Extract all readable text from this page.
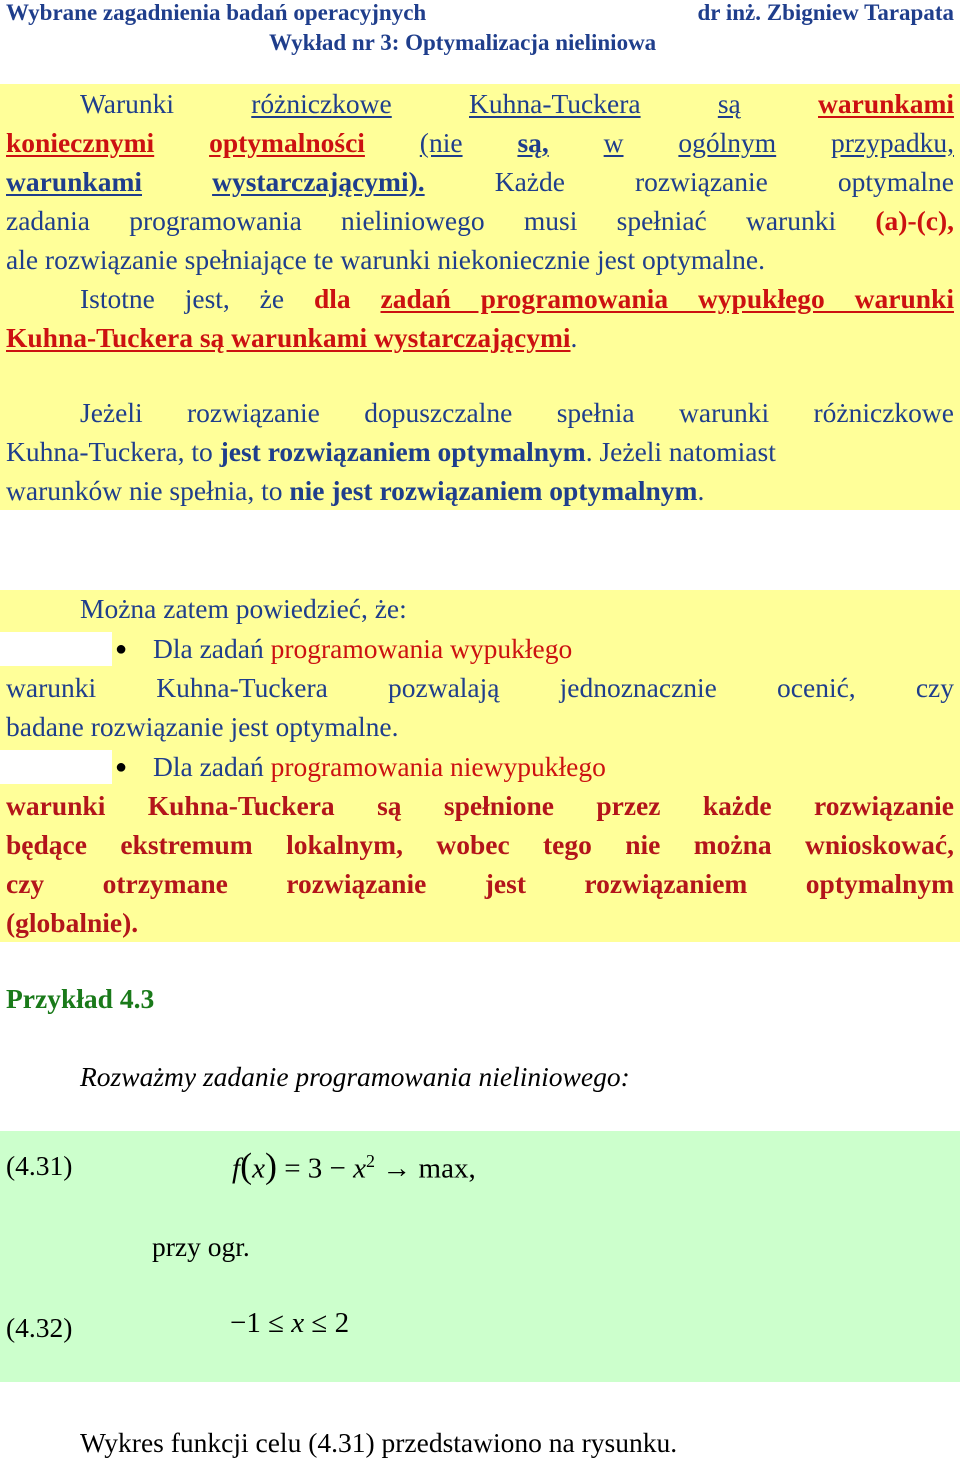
Wybrane zagadnienia badań operacyjnych	dr inż. Zbigniew Tarapata
Wykład nr 3: Optymalizacja nieliniowa
Warunki	różniczkowe	Kuhna-Tuckera	są	warunkami
koniecznymi optymalności (nie są, w ogólnym przypadku,
warunkami	wystarczającymi).	Każde	rozwiązanie	optymalne
zadania programowania nieliniowego musi spełniać warunki (a)-(c),
ale rozwiązanie spełniające te warunki niekoniecznie jest optymalne.
Istotne jest, że dla zadań programowania wypukłego warunki
Kuhna-Tuckera są warunkami wystarczającymi.
Jeżeli rozwiązanie dopuszczalne spełnia warunki różniczkowe
Kuhna-Tuckera, to jest rozwiązaniem optymalnym. Jeżeli natomiast
warunków nie spełnia, to nie jest rozwiązaniem optymalnym.
Można zatem powiedzieć, że:
● Dla zadań programowania wypukłego
warunki Kuhna-Tuckera pozwalają jednoznacznie ocenić, czy
badane rozwiązanie jest optymalne.
● Dla zadań programowania niewypukłego
warunki Kuhna-Tuckera są spełnione przez każde rozwiązanie
będące ekstremum lokalnym, wobec tego nie można wnioskować,
czy otrzymane rozwiązanie jest rozwiązaniem optymalnym
(globalnie).
Przykład 4.3
Rozważmy zadanie programowania nieliniowego:
(4.31)	$f(x) = 3 - x^2 \to \max$,
przy ogr.
(4.32)	−1 ≤ x ≤ 2
Wykres funkcji celu (4.31) przedstawiono na rysunku.
